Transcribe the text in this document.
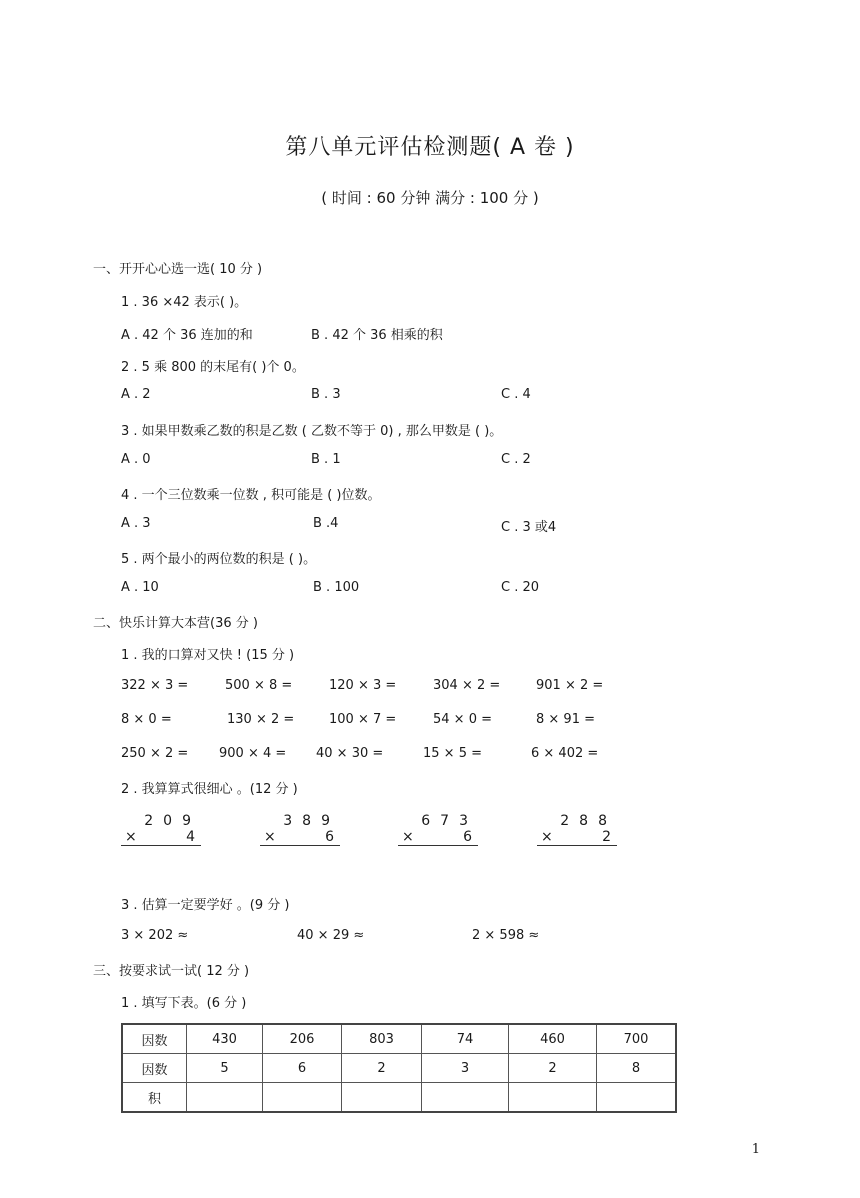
第八单元评估检测题( A 卷 )
( 时间 : 60 分钟 满分 : 100 分 )
一、开开心心选一选( 10 分 )
1 . 36 ×42 表示( )。
A . 42 个 36 连加的和	B . 42 个 36 相乘的积
2 . 5 乘 800 的末尾有( )个 0。
A . 2	B . 3	C . 4
3 . 如果甲数乘乙数的积是乙数 ( 乙数不等于 0) , 那么甲数是 ( )。
A . 0	B . 1	C . 2
4 . 一个三位数乘一位数 , 积可能是 ( )位数。
A . 3	B .4	C . 3 或4
5 . 两个最小的两位数的积是 ( )。
A . 10	B . 100	C . 20
二、快乐计算大本营(36 分 )
1 . 我的口算对又快 ! (15 分 )
322 × 3 =	500 × 8 =	120 × 3 =	304 × 2 =	901 × 2 =
8 × 0 =	130 × 2 =	100 × 7 =	54 × 0 =	8 × 91 =
250 × 2 = 900 × 4 = 40 × 30 =	15 × 5 =	6 × 402 =
2 . 我算算式很细心 。(12 分 )
209
×	4
389
×	6
673
×	6
288
×	2
3 . 估算一定要学好 。(9 分 )
3 × 202 ≈	40 × 29 ≈	2 × 598 ≈
三、按要求试一试( 12 分 )
1 . 填写下表。(6 分 )
因数	430	206	803	74	460	700
因数	5	6	2	3	2	8
积						
1
